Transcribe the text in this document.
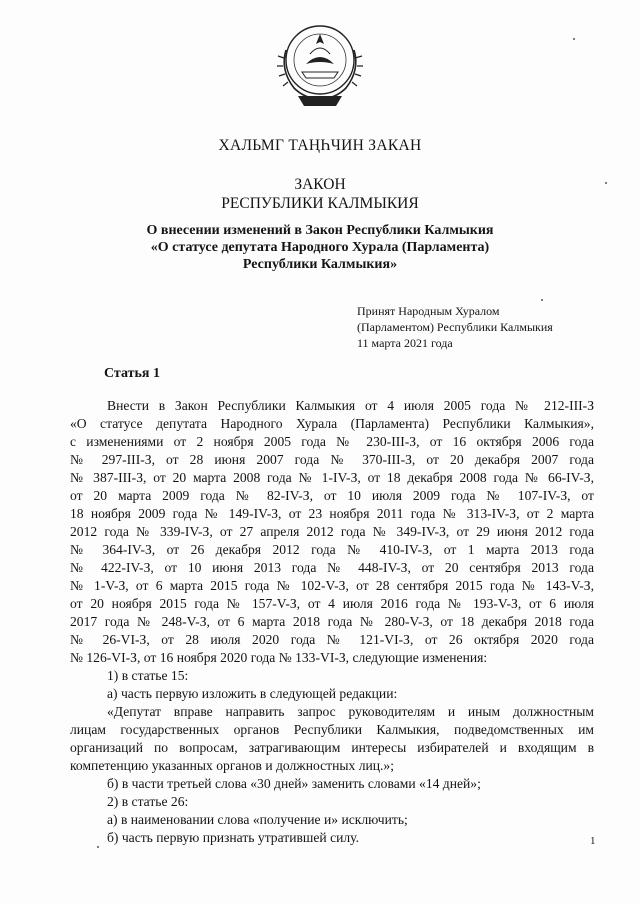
ХАЛЬМГ ТАҢҺЧИН ЗАКАН
ЗАКОН
РЕСПУБЛИКИ КАЛМЫКИЯ
О внесении изменений в Закон Республики Калмыкия
«О статусе депутата Народного Хурала (Парламента)
Республики Калмыкия»
Принят Народным Хуралом
(Парламентом) Республики Калмыкия
11 марта 2021 года
Статья 1
Внести в Закон Республики Калмыкия от 4 июля 2005 года № 212-III-З
«О статусе депутата Народного Хурала (Парламента) Республики Калмыкия»,
с изменениями от 2 ноября 2005 года № 230-III-З, от 16 октября 2006 года
№ 297-III-З, от 28 июня 2007 года № 370-III-З, от 20 декабря 2007 года
№ 387-III-З, от 20 марта 2008 года № 1-IV-З, от 18 декабря 2008 года № 66-IV-З,
от 20 марта 2009 года № 82-IV-З, от 10 июля 2009 года № 107-IV-З, от
18 ноября 2009 года № 149-IV-З, от 23 ноября 2011 года № 313-IV-З, от 2 марта
2012 года № 339-IV-З, от 27 апреля 2012 года № 349-IV-З, от 29 июня 2012 года
№ 364-IV-З, от 26 декабря 2012 года № 410-IV-З, от 1 марта 2013 года
№ 422-IV-З, от 10 июня 2013 года № 448-IV-З, от 20 сентября 2013 года
№ 1-V-З, от 6 марта 2015 года № 102-V-З, от 28 сентября 2015 года № 143-V-З,
от 20 ноября 2015 года № 157-V-З, от 4 июля 2016 года № 193-V-З, от 6 июля
2017 года № 248-V-З, от 6 марта 2018 года № 280-V-З, от 18 декабря 2018 года
№ 26-VI-З, от 28 июля 2020 года № 121-VI-З, от 26 октября 2020 года
№ 126-VI-З, от 16 ноября 2020 года № 133-VI-З, следующие изменения:
1) в статье 15:
а) часть первую изложить в следующей редакции:
«Депутат вправе направить запрос руководителям и иным должностным
лицам государственных органов Республики Калмыкия, подведомственных им
организаций по вопросам, затрагивающим интересы избирателей и входящим в
компетенцию указанных органов и должностных лиц.»;
б) в части третьей слова «30 дней» заменить словами «14 дней»;
2) в статье 26:
а) в наименовании слова «получение и» исключить;
б) часть первую признать утратившей силу.	1
